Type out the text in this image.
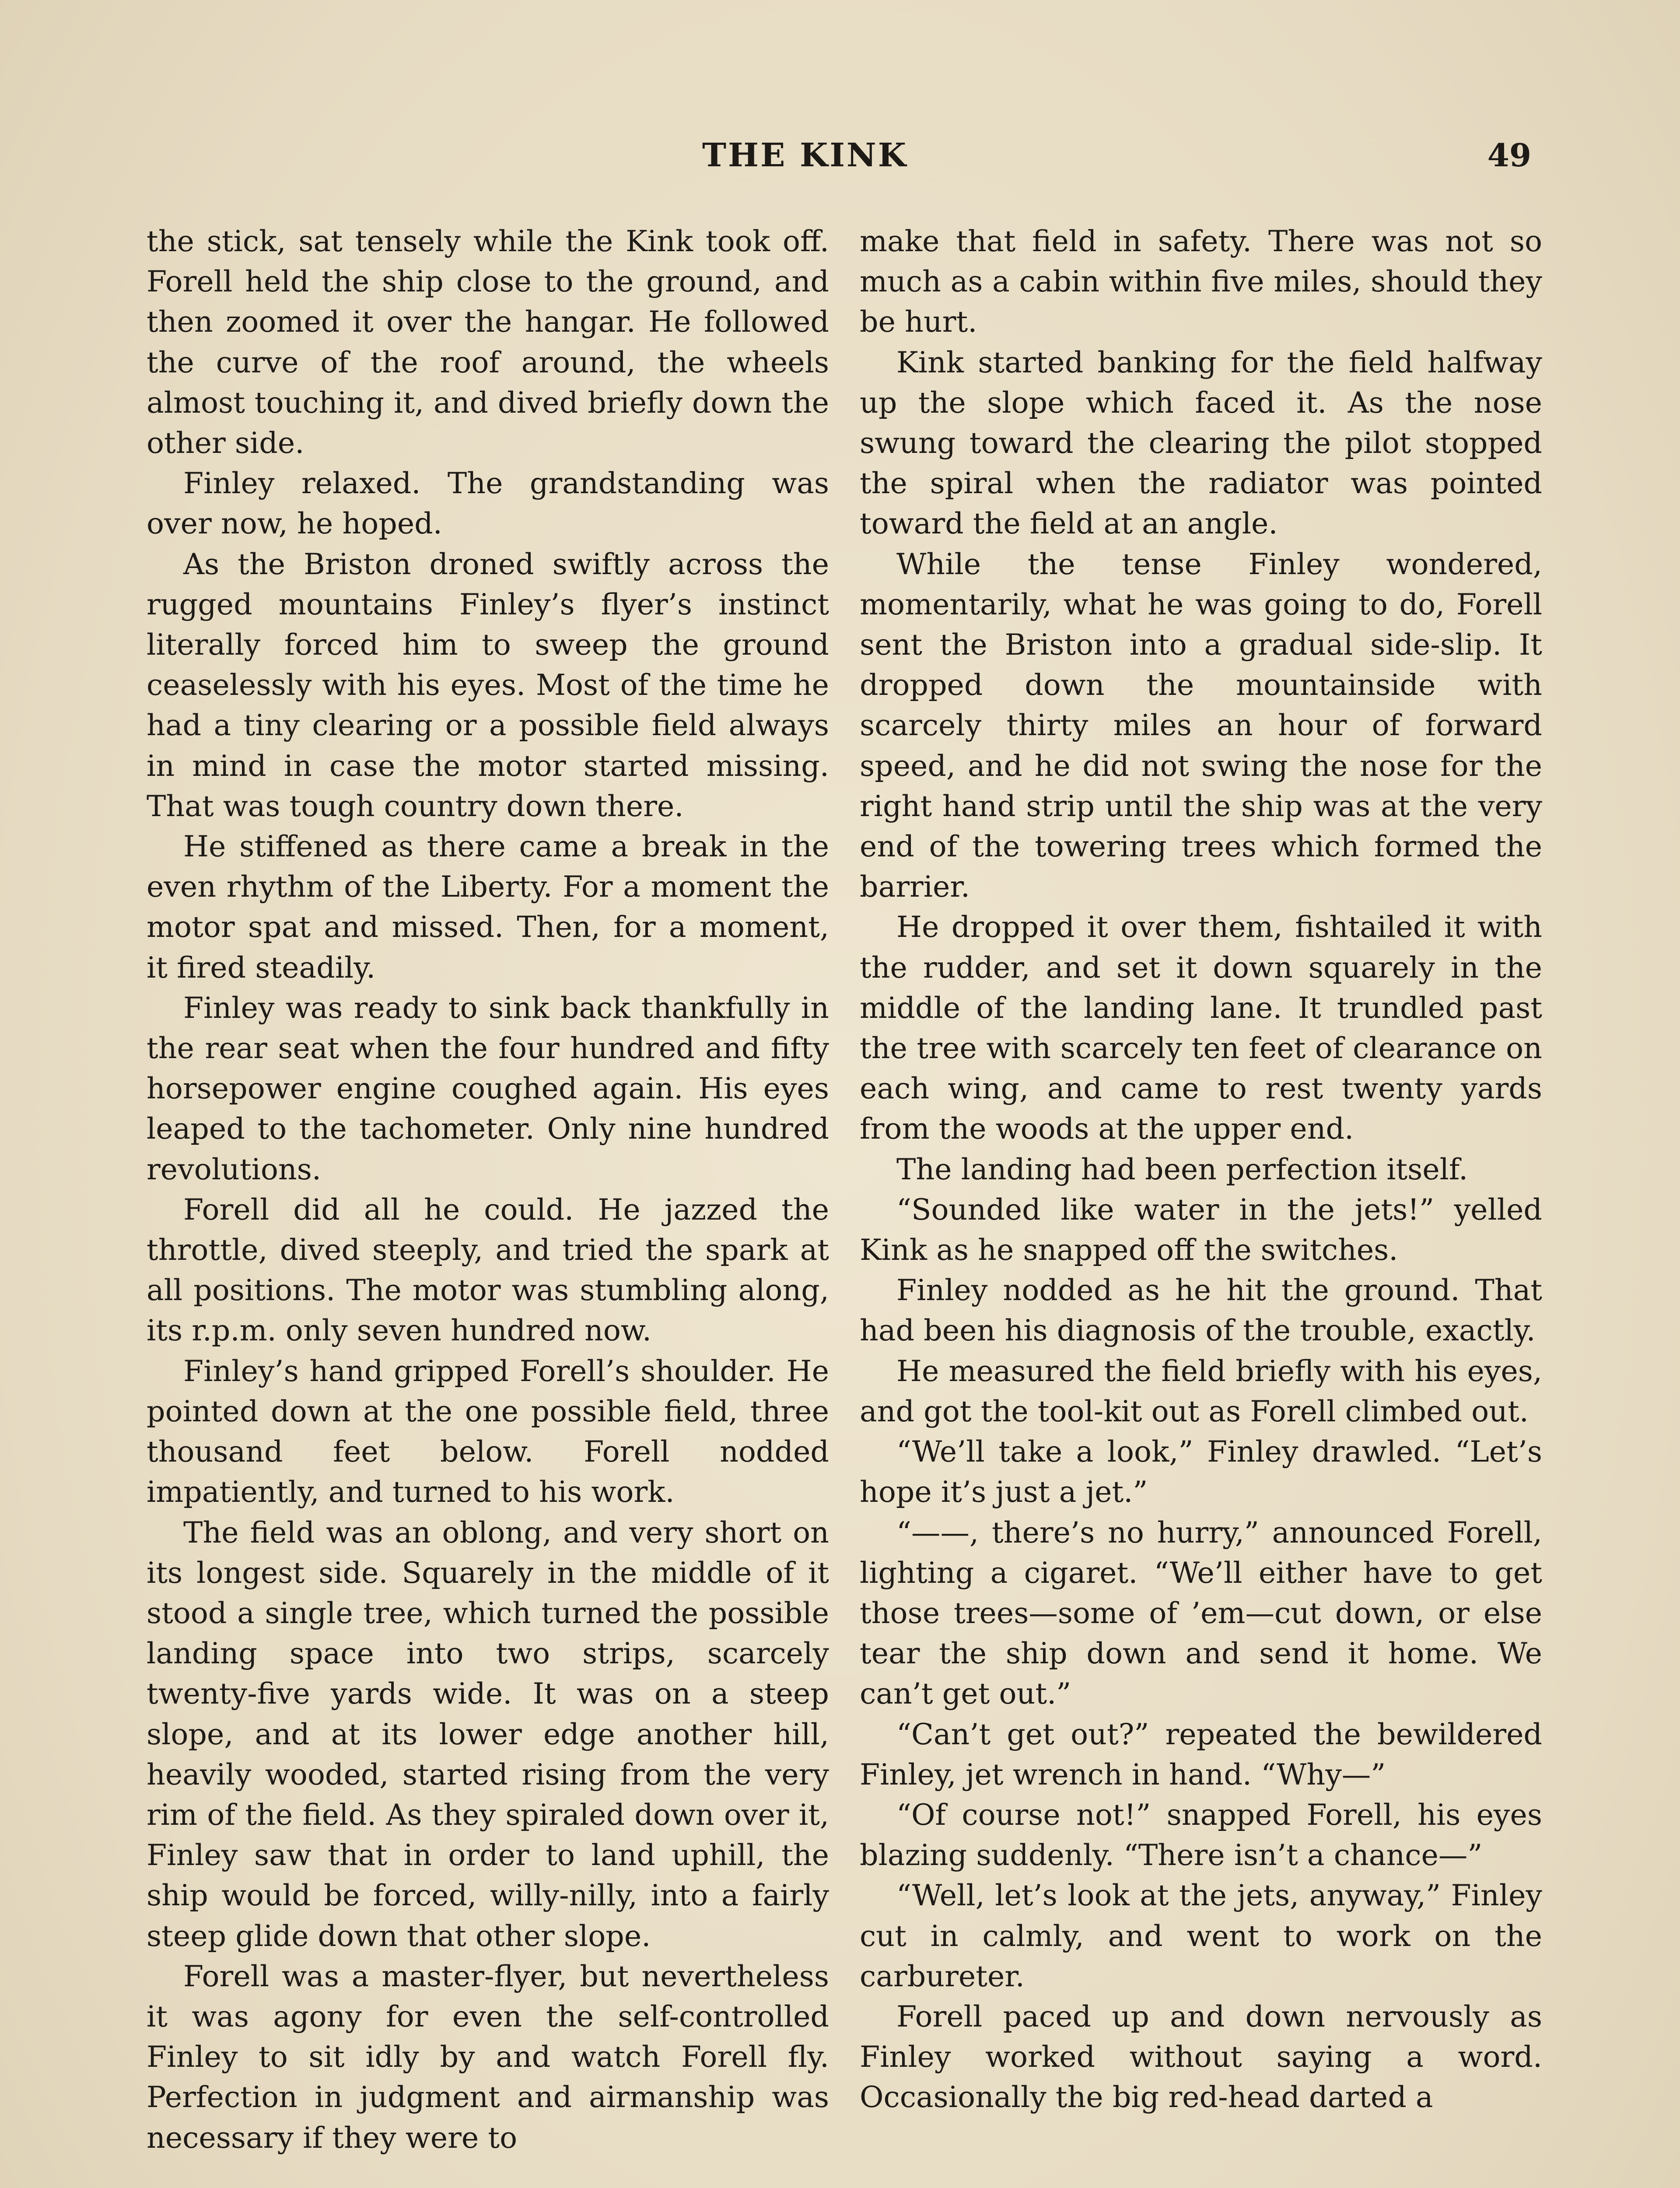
THE KINK	49

the stick, sat tensely while the Kink took off. Forell held the ship close to the ground, and then zoomed it over the hangar. He followed the curve of the roof around, the wheels almost touching it, and dived briefly down the other side.

Finley relaxed. The grandstanding was over now, he hoped.

As the Briston droned swiftly across the rugged mountains Finley’s flyer’s instinct literally forced him to sweep the ground ceaselessly with his eyes. Most of the time he had a tiny clearing or a possible field always in mind in case the motor started missing. That was tough country down there.

He stiffened as there came a break in the even rhythm of the Liberty. For a moment the motor spat and missed. Then, for a moment, it fired steadily.

Finley was ready to sink back thankfully in the rear seat when the four hundred and fifty horsepower engine coughed again. His eyes leaped to the tachometer. Only nine hundred revolutions.

Forell did all he could. He jazzed the throttle, dived steeply, and tried the spark at all positions. The motor was stumbling along, its r.p.m. only seven hundred now.

Finley’s hand gripped Forell’s shoulder. He pointed down at the one possible field, three thousand feet below. Forell nodded impatiently, and turned to his work.

The field was an oblong, and very short on its longest side. Squarely in the middle of it stood a single tree, which turned the possible landing space into two strips, scarcely twenty-five yards wide. It was on a steep slope, and at its lower edge another hill, heavily wooded, started rising from the very rim of the field. As they spiraled down over it, Finley saw that in order to land uphill, the ship would be forced, willy-nilly, into a fairly steep glide down that other slope.

Forell was a master-flyer, but nevertheless it was agony for even the self-controlled Finley to sit idly by and watch Forell fly. Perfection in judgment and airmanship was necessary if they were to

make that field in safety. There was not so much as a cabin within five miles, should they be hurt.

Kink started banking for the field halfway up the slope which faced it. As the nose swung toward the clearing the pilot stopped the spiral when the radiator was pointed toward the field at an angle.

While the tense Finley wondered, momentarily, what he was going to do, Forell sent the Briston into a gradual side-slip. It dropped down the mountainside with scarcely thirty miles an hour of forward speed, and he did not swing the nose for the right hand strip until the ship was at the very end of the towering trees which formed the barrier.

He dropped it over them, fishtailed it with the rudder, and set it down squarely in the middle of the landing lane. It trundled past the tree with scarcely ten feet of clearance on each wing, and came to rest twenty yards from the woods at the upper end.

The landing had been perfection itself.

“Sounded like water in the jets!” yelled Kink as he snapped off the switches.

Finley nodded as he hit the ground. That had been his diagnosis of the trouble, exactly.

He measured the field briefly with his eyes, and got the tool-kit out as Forell climbed out.

“We’ll take a look,” Finley drawled. “Let’s hope it’s just a jet.”

“——, there’s no hurry,” announced Forell, lighting a cigaret. “We’ll either have to get those trees—some of ’em—cut down, or else tear the ship down and send it home. We can’t get out.”

“Can’t get out?” repeated the bewildered Finley, jet wrench in hand. “Why—”

“Of course not!” snapped Forell, his eyes blazing suddenly. “There isn’t a chance—”

“Well, let’s look at the jets, anyway,” Finley cut in calmly, and went to work on the carbureter.

Forell paced up and down nervously as Finley worked without saying a word. Occasionally the big red-head darted a
